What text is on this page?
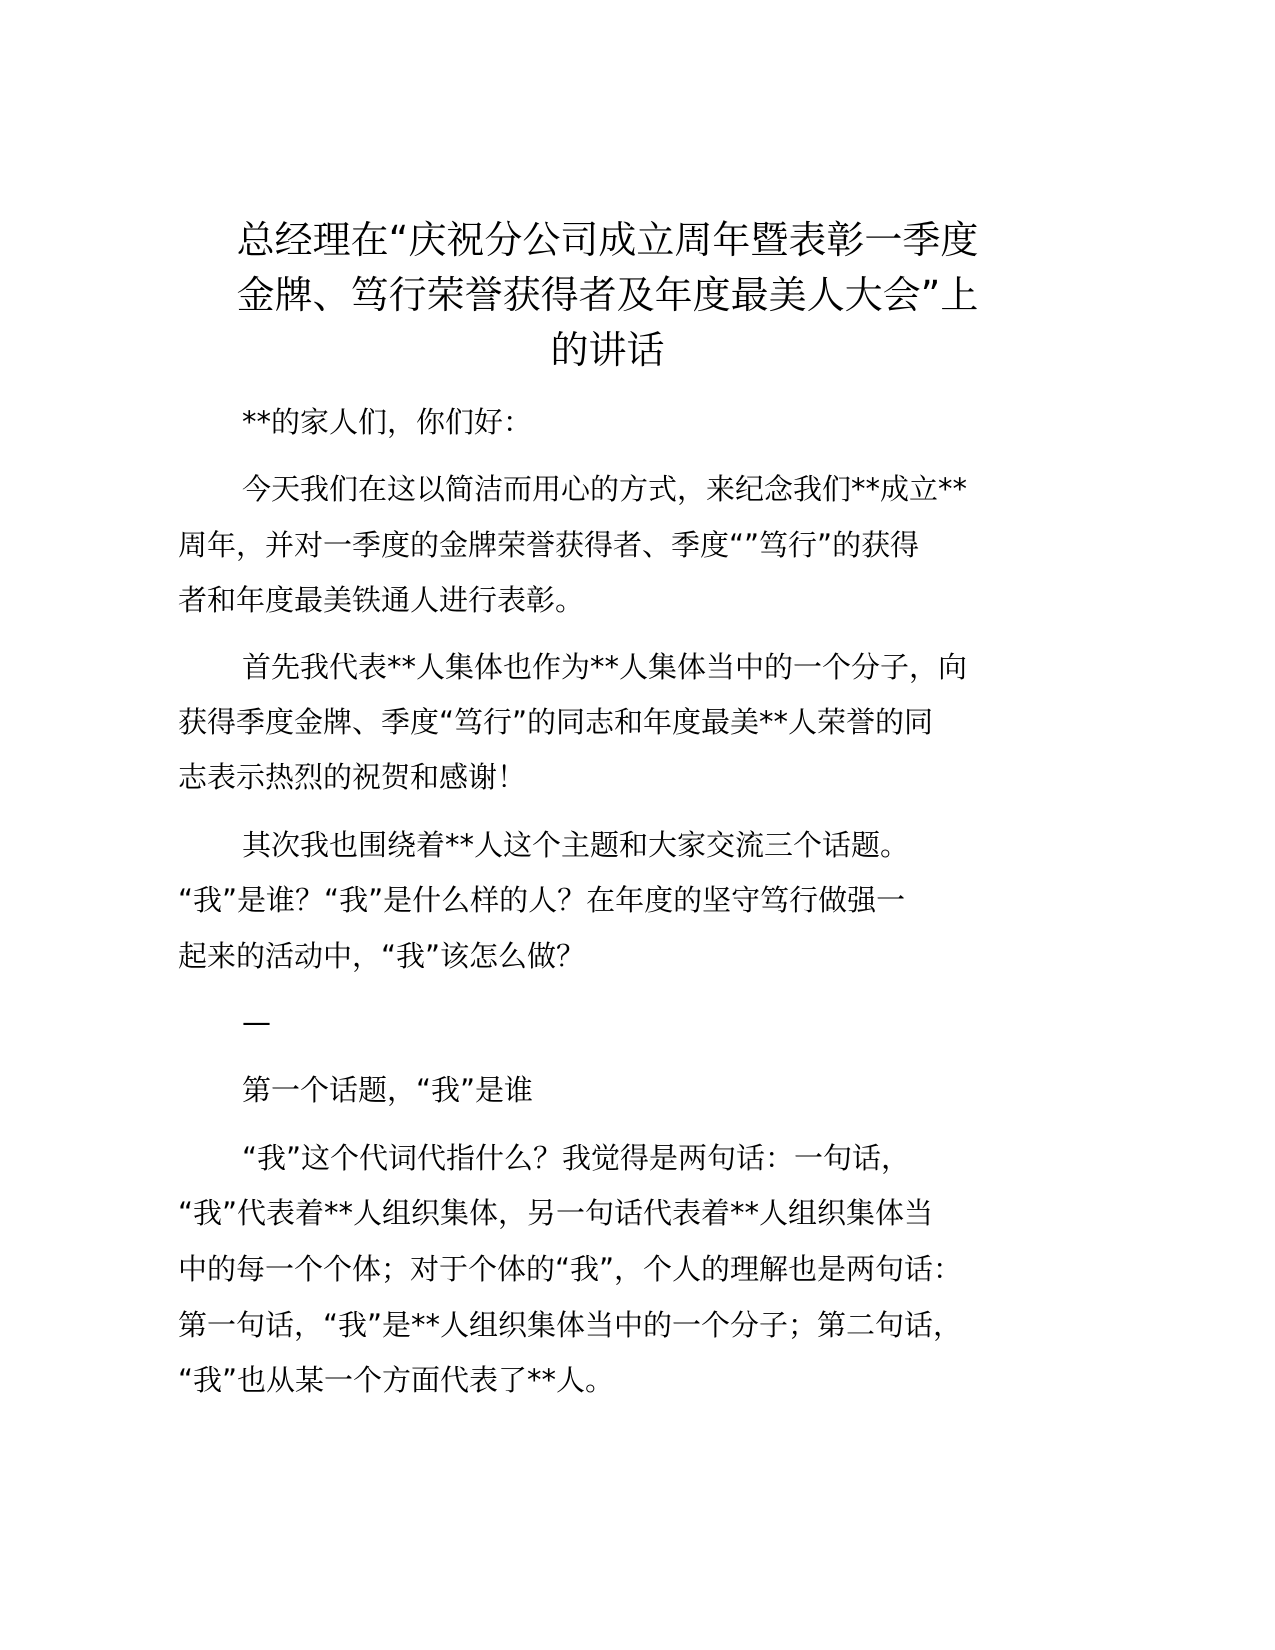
总经理在“庆祝分公司成立周年暨表彰一季度
金牌、笃行荣誉获得者及年度最美人大会”上
的讲话
**的家人们，你们好：
今天我们在这以简洁而用心的方式，来纪念我们**成立**
周年，并对一季度的金牌荣誉获得者、季度“”笃行”的获得
者和年度最美铁通人进行表彰。
首先我代表**人集体也作为**人集体当中的一个分子，向
获得季度金牌、季度“笃行”的同志和年度最美**人荣誉的同
志表示热烈的祝贺和感谢！
其次我也围绕着**人这个主题和大家交流三个话题。
“我”是谁？“我”是什么样的人？在年度的坚守笃行做强一
起来的活动中，“我”该怎么做？
—
第一个话题，“我”是谁
“我”这个代词代指什么？我觉得是两句话：一句话，
“我”代表着**人组织集体，另一句话代表着**人组织集体当
中的每一个个体；对于个体的“我”，个人的理解也是两句话：
第一句话，“我”是**人组织集体当中的一个分子；第二句话，
“我”也从某一个方面代表了**人。
